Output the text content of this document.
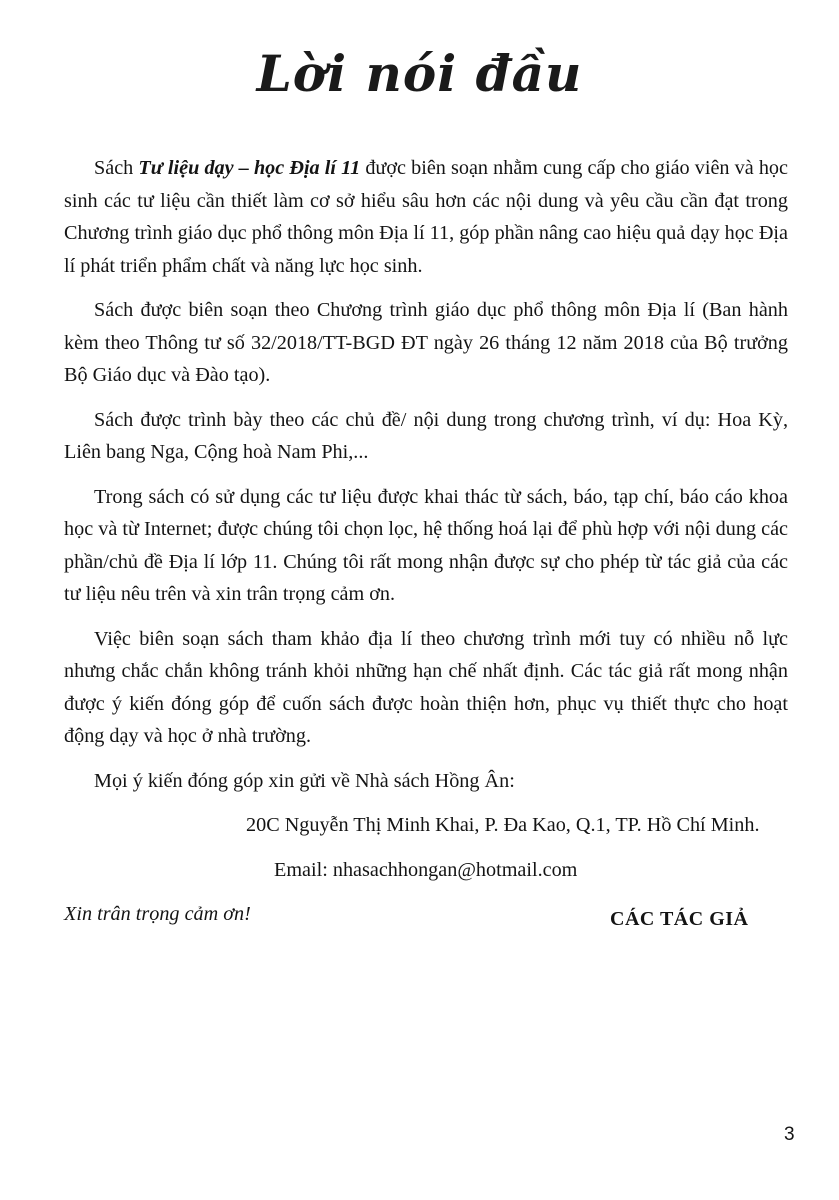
Lời nói đầu

Sách Tư liệu dạy – học Địa lí 11 được biên soạn nhằm cung cấp cho giáo viên và học sinh các tư liệu cần thiết làm cơ sở hiểu sâu hơn các nội dung và yêu cầu cần đạt trong Chương trình giáo dục phổ thông môn Địa lí 11, góp phần nâng cao hiệu quả dạy học Địa lí phát triển phẩm chất và năng lực học sinh.

Sách được biên soạn theo Chương trình giáo dục phổ thông môn Địa lí (Ban hành kèm theo Thông tư số 32/2018/TT-BGD ĐT ngày 26 tháng 12 năm 2018 của Bộ trưởng Bộ Giáo dục và Đào tạo).

Sách được trình bày theo các chủ đề/ nội dung trong chương trình, ví dụ: Hoa Kỳ, Liên bang Nga, Cộng hoà Nam Phi,...

Trong sách có sử dụng các tư liệu được khai thác từ sách, báo, tạp chí, báo cáo khoa học và từ Internet; được chúng tôi chọn lọc, hệ thống hoá lại để phù hợp với nội dung các phần/chủ đề Địa lí lớp 11. Chúng tôi rất mong nhận được sự cho phép từ tác giả của các tư liệu nêu trên và xin trân trọng cảm ơn.

Việc biên soạn sách tham khảo địa lí theo chương trình mới tuy có nhiều nỗ lực nhưng chắc chắn không tránh khỏi những hạn chế nhất định. Các tác giả rất mong nhận được ý kiến đóng góp để cuốn sách được hoàn thiện hơn, phục vụ thiết thực cho hoạt động dạy và học ở nhà trường.

Mọi ý kiến đóng góp xin gửi về Nhà sách Hồng Ân:

20C Nguyễn Thị Minh Khai, P. Đa Kao, Q.1, TP. Hồ Chí Minh.

Email: nhasachhongan@hotmail.com

Xin trân trọng cảm ơn!	CÁC TÁC GIẢ
3
